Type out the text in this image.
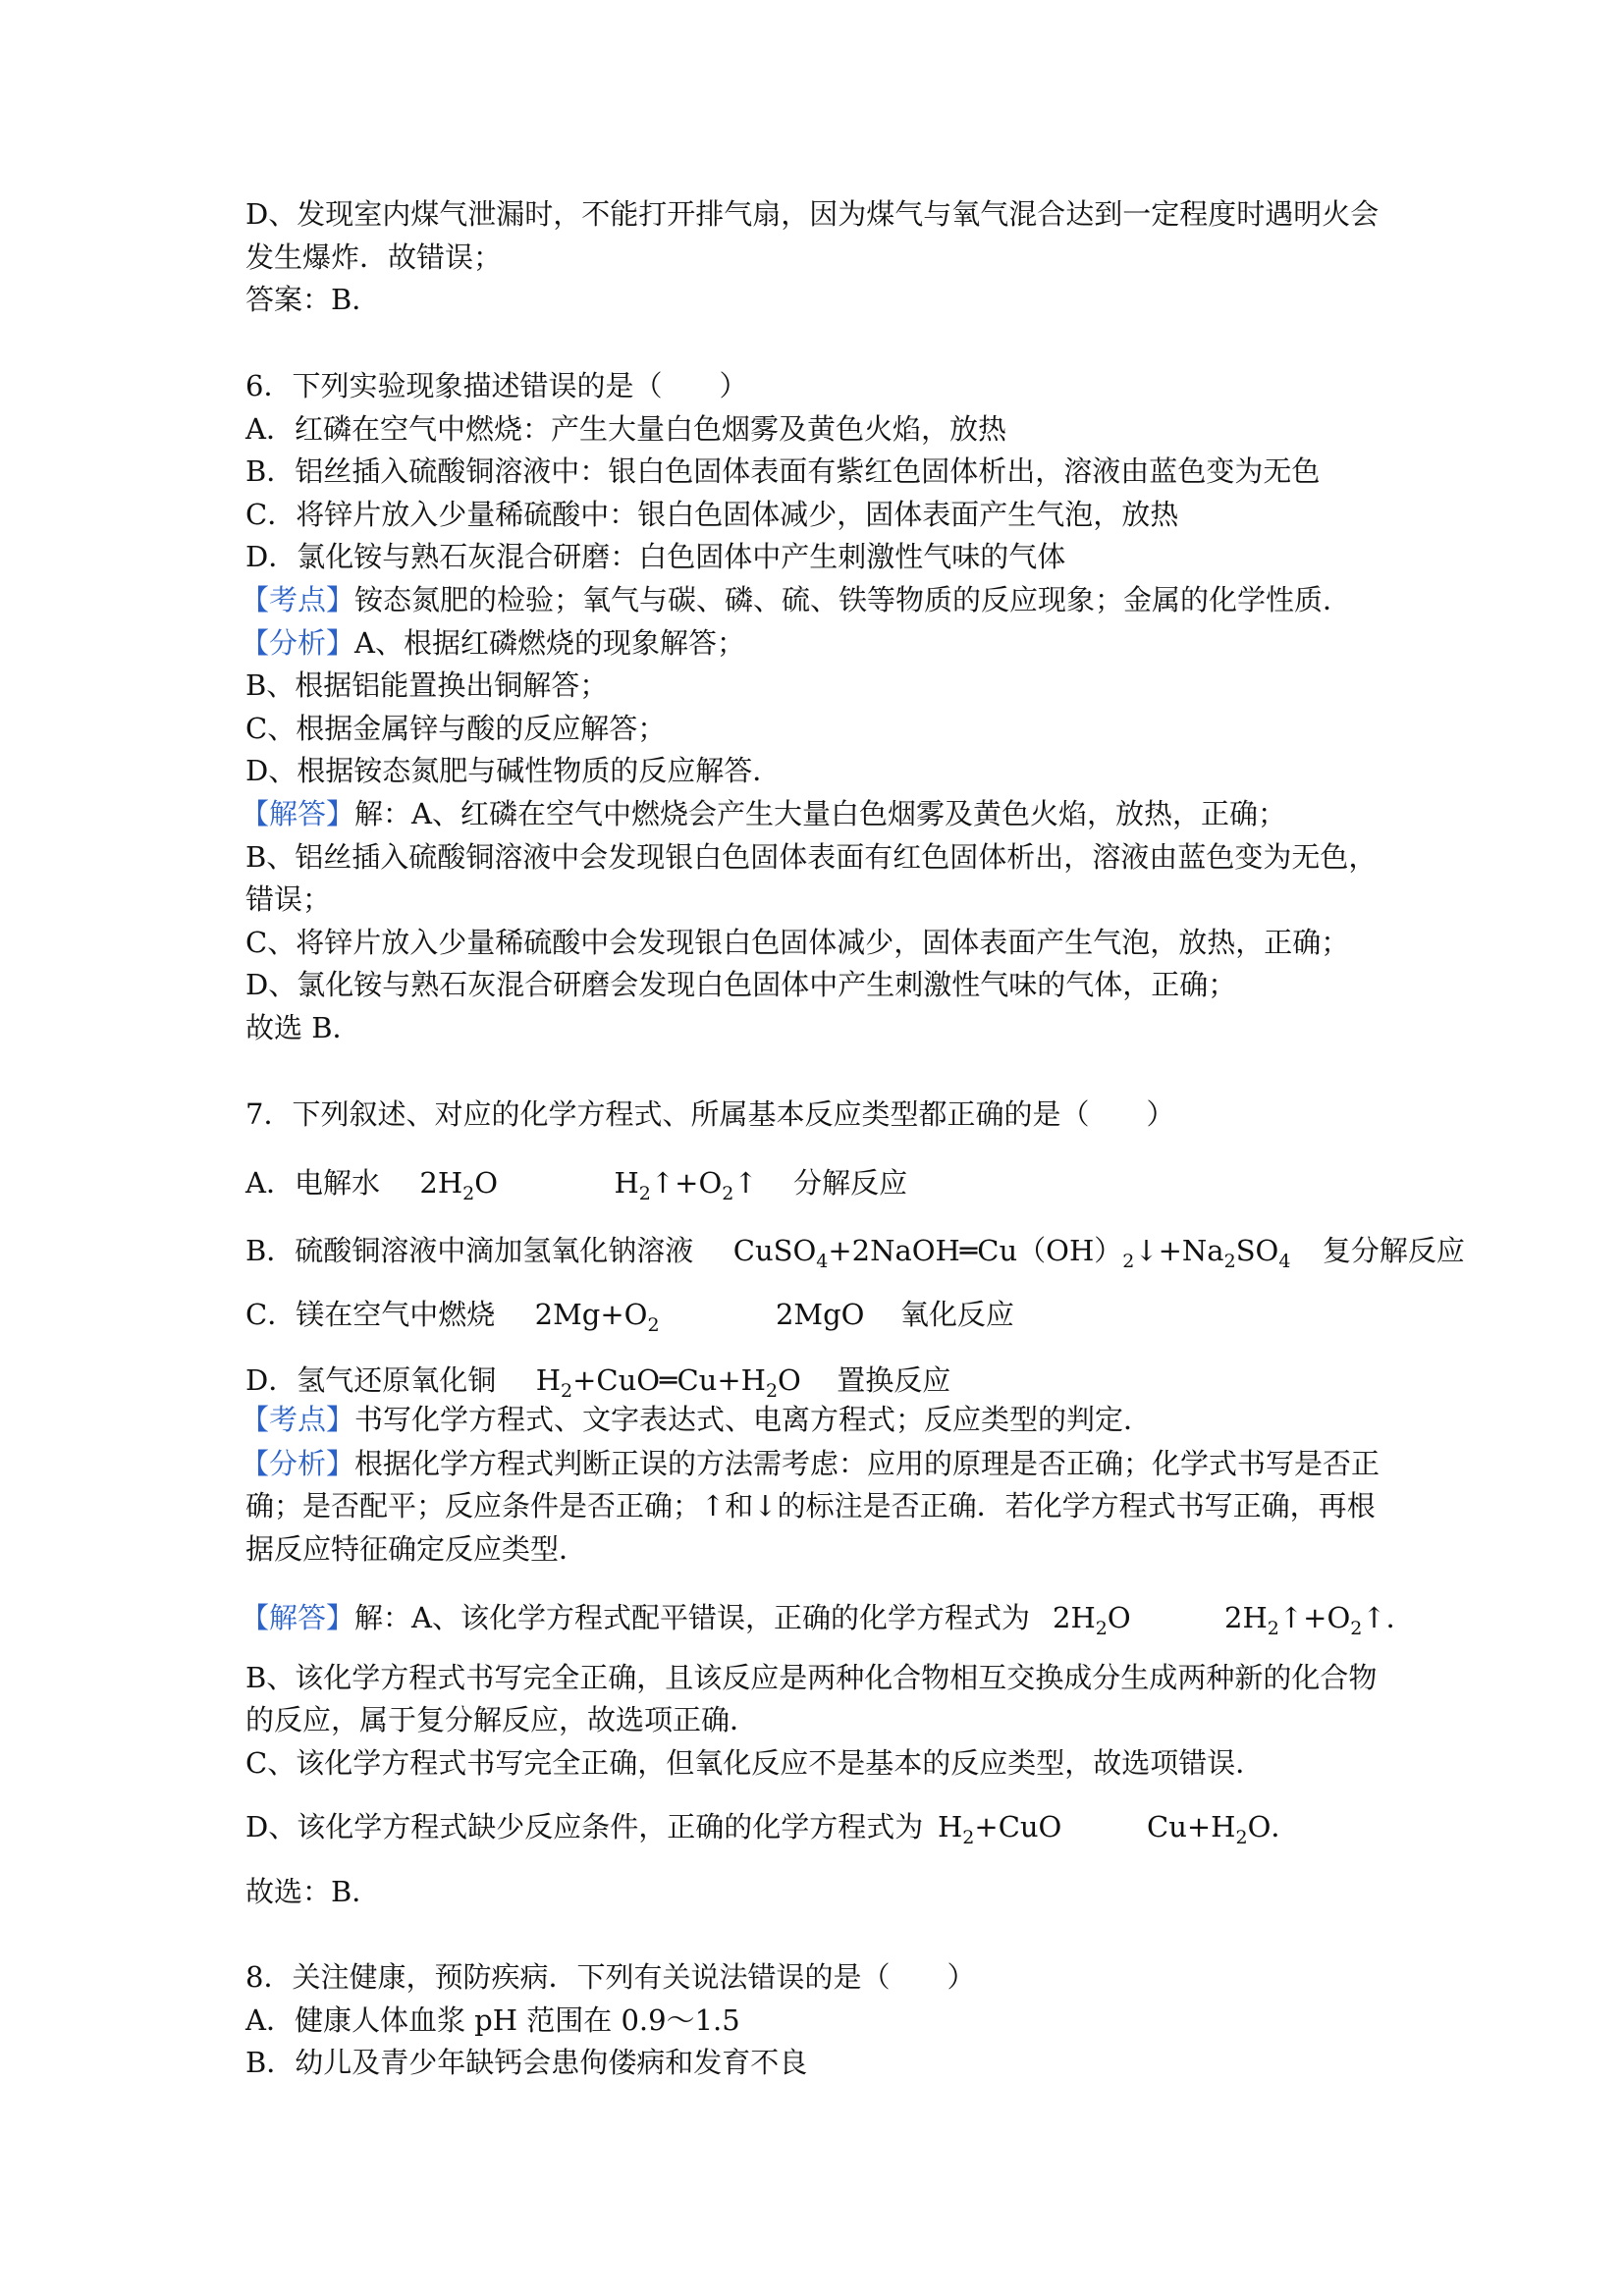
D、发现室内煤气泄漏时，不能打开排气扇，因为煤气与氧气混合达到一定程度时遇明火会
发生爆炸．故错误；
答案：B．
6．下列实验现象描述错误的是（　　）
A．红磷在空气中燃烧：产生大量白色烟雾及黄色火焰，放热
B．铝丝插入硫酸铜溶液中：银白色固体表面有紫红色固体析出，溶液由蓝色变为无色
C．将锌片放入少量稀硫酸中：银白色固体减少，固体表面产生气泡，放热
D．氯化铵与熟石灰混合研磨：白色固体中产生刺激性气味的气体
【考点】铵态氮肥的检验；氧气与碳、磷、硫、铁等物质的反应现象；金属的化学性质．
【分析】A、根据红磷燃烧的现象解答；
B、根据铝能置换出铜解答；
C、根据金属锌与酸的反应解答；
D、根据铵态氮肥与碱性物质的反应解答．
【解答】解：A、红磷在空气中燃烧会产生大量白色烟雾及黄色火焰，放热，正确；
B、铝丝插入硫酸铜溶液中会发现银白色固体表面有红色固体析出，溶液由蓝色变为无色，
错误；
C、将锌片放入少量稀硫酸中会发现银白色固体减少，固体表面产生气泡，放热，正确；
D、氯化铵与熟石灰混合研磨会发现白色固体中产生刺激性气味的气体，正确；
故选 B．
7．下列叙述、对应的化学方程式、所属基本反应类型都正确的是（　　）
A．电解水 $2H_2O$	$H_2↑+O_2↑$ 分解反应
B．硫酸铜溶液中滴加氢氧化钠溶液 $CuSO_4+2NaOH═Cu(OH)_2↓+Na_2SO_4$ 复分解反应
C．镁在空气中燃烧 $2Mg+O_2$	2MgO 氧化反应
D．氢气还原氧化铜 $H_2+CuO═Cu+H_2O$ 置换反应
【考点】书写化学方程式、文字表达式、电离方程式；反应类型的判定．
【分析】根据化学方程式判断正误的方法需考虑：应用的原理是否正确；化学式书写是否正
确；是否配平；反应条件是否正确；↑和↓的标注是否正确．若化学方程式书写正确，再根
据反应特征确定反应类型．
【解答】解：A、该化学方程式配平错误，正确的化学方程式为 $2H_2O$	$2H_2↑+O_2↑$．
B、该化学方程式书写完全正确，且该反应是两种化合物相互交换成分生成两种新的化合物
的反应，属于复分解反应，故选项正确．
C、该化学方程式书写完全正确，但氧化反应不是基本的反应类型，故选项错误．
D、该化学方程式缺少反应条件，正确的化学方程式为 $H_2+CuO$	$Cu+H_2O$．
故选：B．
8．关注健康，预防疾病．下列有关说法错误的是（　　）
A．健康人体血浆 pH 范围在 0.9～1.5
B．幼儿及青少年缺钙会患佝偻病和发育不良
